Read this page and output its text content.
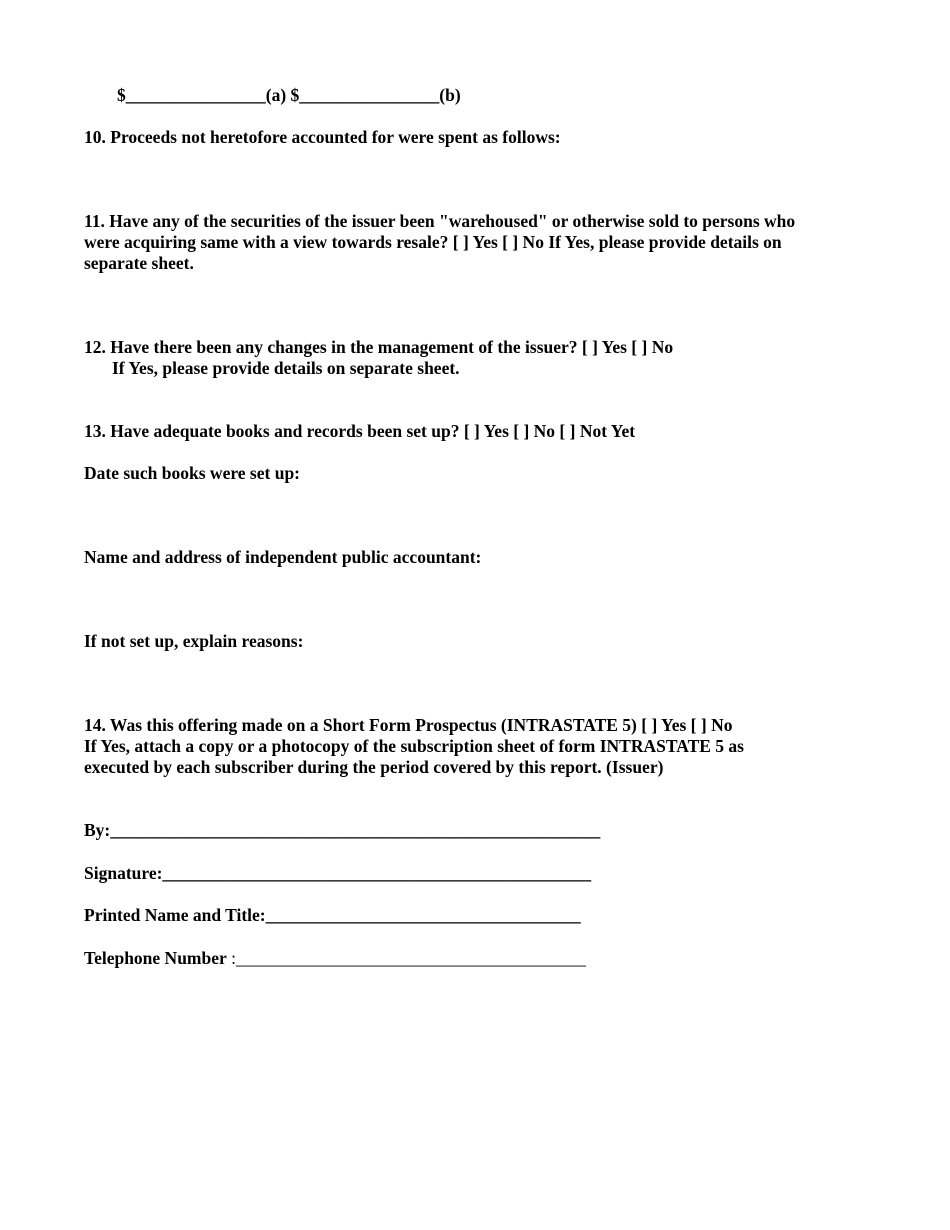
$________________(a) $________________(b)

10. Proceeds not heretofore accounted for were spent as follows:

11. Have any of the securities of the issuer been "warehoused" or otherwise sold to persons who

were acquiring same with a view towards resale? [ ] Yes [ ] No If Yes, please provide details on

separate sheet.

12. Have there been any changes in the management of the issuer? [ ] Yes [ ] No

If Yes, please provide details on separate sheet.

13. Have adequate books and records been set up? [ ] Yes [ ] No [ ] Not Yet

Date such books were set up:

Name and address of independent public accountant:

If not set up, explain reasons:

14. Was this offering made on a Short Form Prospectus (INTRASTATE 5) [ ] Yes [ ] No

If Yes, attach a copy or a photocopy of the subscription sheet of form INTRASTATE 5 as

executed by each subscriber during the period covered by this report. (Issuer)

By:________________________________________________________

Signature:_________________________________________________

Printed Name and Title:____________________________________

Telephone Number :________________________________________
